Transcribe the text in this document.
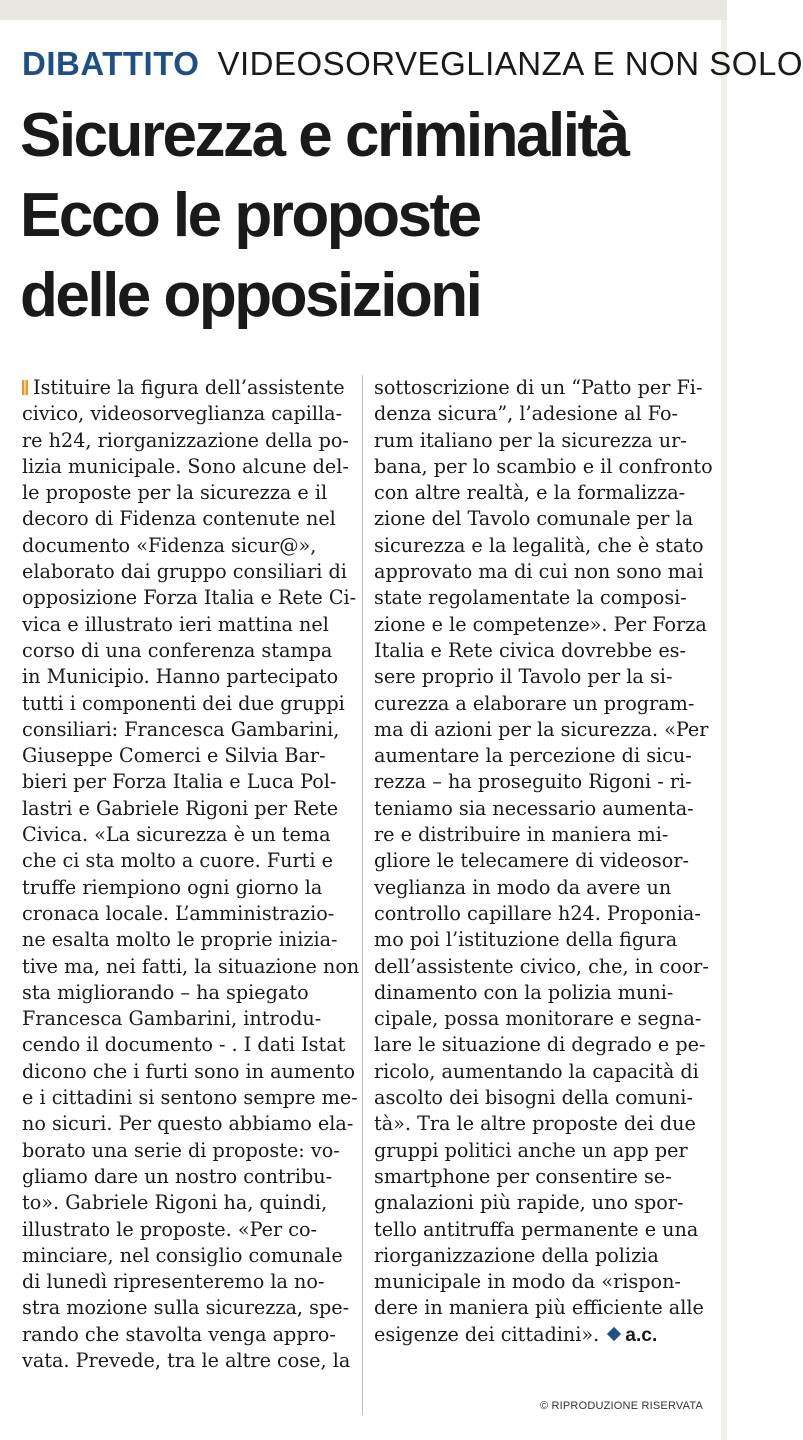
DIBATTITO VIDEOSORVEGLIANZA E NON SOLO
Sicurezza e criminalità
Ecco le proposte
delle opposizioni
Istituire la figura dell’assistente
civico, videosorveglianza capilla-
re h24, riorganizzazione della po-
lizia municipale. Sono alcune del-
le proposte per la sicurezza e il
decoro di Fidenza contenute nel
documento «Fidenza sicur@»,
elaborato dai gruppo consiliari di
opposizione Forza Italia e Rete Ci-
vica e illustrato ieri mattina nel
corso di una conferenza stampa
in Municipio. Hanno partecipato
tutti i componenti dei due gruppi
consiliari: Francesca Gambarini,
Giuseppe Comerci e Silvia Bar-
bieri per Forza Italia e Luca Pol-
lastri e Gabriele Rigoni per Rete
Civica. «La sicurezza è un tema
che ci sta molto a cuore. Furti e
truffe riempiono ogni giorno la
cronaca locale. L’amministrazio-
ne esalta molto le proprie inizia-
tive ma, nei fatti, la situazione non
sta migliorando – ha spiegato
Francesca Gambarini, introdu-
cendo il documento - . I dati Istat
dicono che i furti sono in aumento
e i cittadini si sentono sempre me-
no sicuri. Per questo abbiamo ela-
borato una serie di proposte: vo-
gliamo dare un nostro contribu-
to». Gabriele Rigoni ha, quindi,
illustrato le proposte. «Per co-
minciare, nel consiglio comunale
di lunedì ripresenteremo la no-
stra mozione sulla sicurezza, spe-
rando che stavolta venga appro-
vata. Prevede, tra le altre cose, la
sottoscrizione di un “Patto per Fi-
denza sicura”, l’adesione al Fo-
rum italiano per la sicurezza ur-
bana, per lo scambio e il confronto
con altre realtà, e la formalizza-
zione del Tavolo comunale per la
sicurezza e la legalità, che è stato
approvato ma di cui non sono mai
state regolamentate la composi-
zione e le competenze». Per Forza
Italia e Rete civica dovrebbe es-
sere proprio il Tavolo per la si-
curezza a elaborare un program-
ma di azioni per la sicurezza. «Per
aumentare la percezione di sicu-
rezza – ha proseguito Rigoni - ri-
teniamo sia necessario aumenta-
re e distribuire in maniera mi-
gliore le telecamere di videosor-
veglianza in modo da avere un
controllo capillare h24. Proponia-
mo poi l’istituzione della figura
dell’assistente civico, che, in coor-
dinamento con la polizia muni-
cipale, possa monitorare e segna-
lare le situazione di degrado e pe-
ricolo, aumentando la capacità di
ascolto dei bisogni della comuni-
tà». Tra le altre proposte dei due
gruppi politici anche un app per
smartphone per consentire se-
gnalazioni più rapide, uno spor-
tello antitruffa permanente e una
riorganizzazione della polizia
municipale in modo da «rispon-
dere in maniera più efficiente alle
esigenze dei cittadini». a.c.
© RIPRODUZIONE RISERVATA
